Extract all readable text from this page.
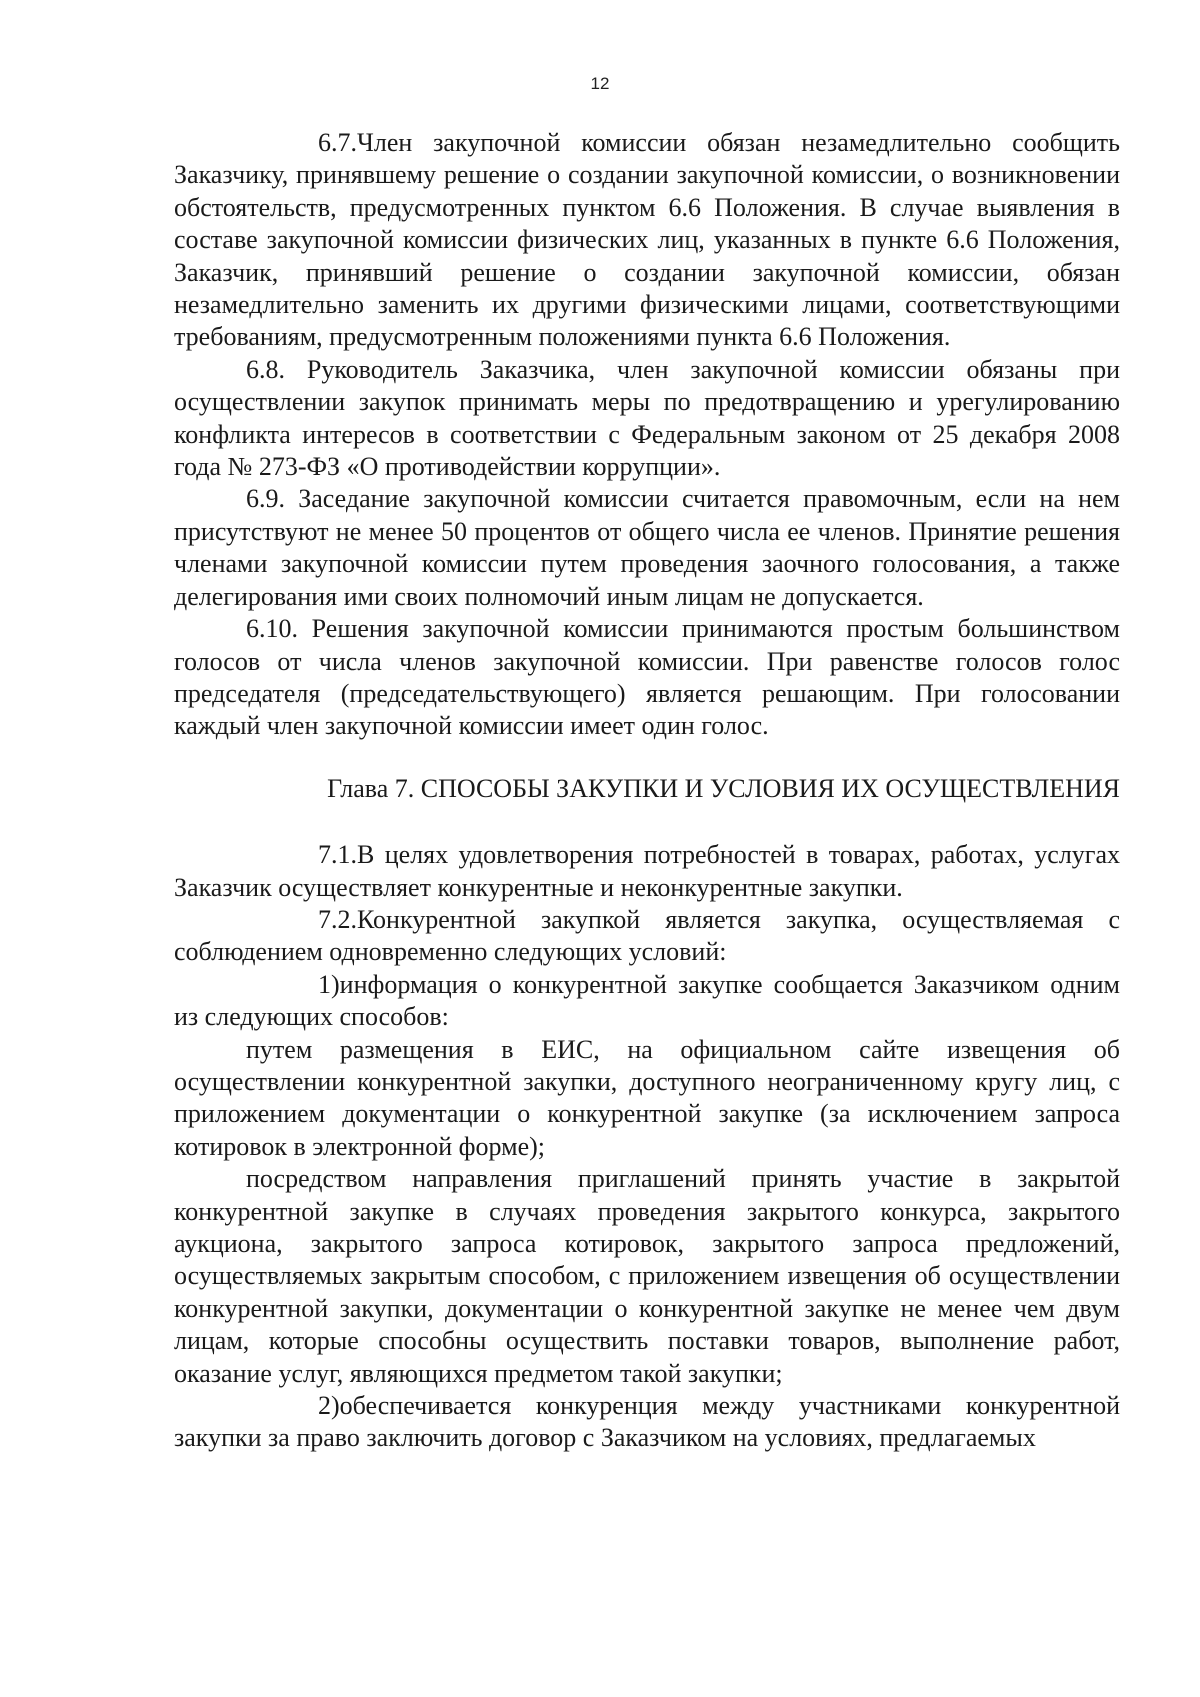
12

6.7.Член закупочной комиссии обязан незамедлительно сообщить Заказчику, принявшему решение о создании закупочной комиссии, о возникновении обстоятельств, предусмотренных пунктом 6.6 Положения. В случае выявления в составе закупочной комиссии физических лиц, указанных в пункте 6.6 Положения, Заказчик, принявший решение о создании закупочной комиссии, обязан незамедлительно заменить их другими физическими лицами, соответствующими требованиям, предусмотренным положениями пункта 6.6 Положения.

6.8. Руководитель Заказчика, член закупочной комиссии обязаны при осуществлении закупок принимать меры по предотвращению и урегулированию конфликта интересов в соответствии с Федеральным законом от 25 декабря 2008 года № 273-ФЗ «О противодействии коррупции».

6.9. Заседание закупочной комиссии считается правомочным, если на нем присутствуют не менее 50 процентов от общего числа ее членов. Принятие решения членами закупочной комиссии путем проведения заочного голосования, а также делегирования ими своих полномочий иным лицам не допускается.

6.10. Решения закупочной комиссии принимаются простым большинством голосов от числа членов закупочной комиссии. При равенстве голосов голос председателя (председательствующего) является решающим. При голосовании каждый член закупочной комиссии имеет один голос.

Глава 7. СПОСОБЫ ЗАКУПКИ И УСЛОВИЯ ИХ ОСУЩЕСТВЛЕНИЯ

7.1.В целях удовлетворения потребностей в товарах, работах, услугах Заказчик осуществляет конкурентные и неконкурентные закупки.

7.2.Конкурентной закупкой является закупка, осуществляемая с соблюдением одновременно следующих условий:

1)информация о конкурентной закупке сообщается Заказчиком одним из следующих способов:

путем размещения в ЕИС, на официальном сайте извещения об осуществлении конкурентной закупки, доступного неограниченному кругу лиц, с приложением документации о конкурентной закупке (за исключением запроса котировок в электронной форме);

посредством направления приглашений принять участие в закрытой конкурентной закупке в случаях проведения закрытого конкурса, закрытого аукциона, закрытого запроса котировок, закрытого запроса предложений, осуществляемых закрытым способом, с приложением извещения об осуществлении конкурентной закупки, документации о конкурентной закупке не менее чем двум лицам, которые способны осуществить поставки товаров, выполнение работ, оказание услуг, являющихся предметом такой закупки;

2)обеспечивается конкуренция между участниками конкурентной закупки за право заключить договор с Заказчиком на условиях, предлагаемых
